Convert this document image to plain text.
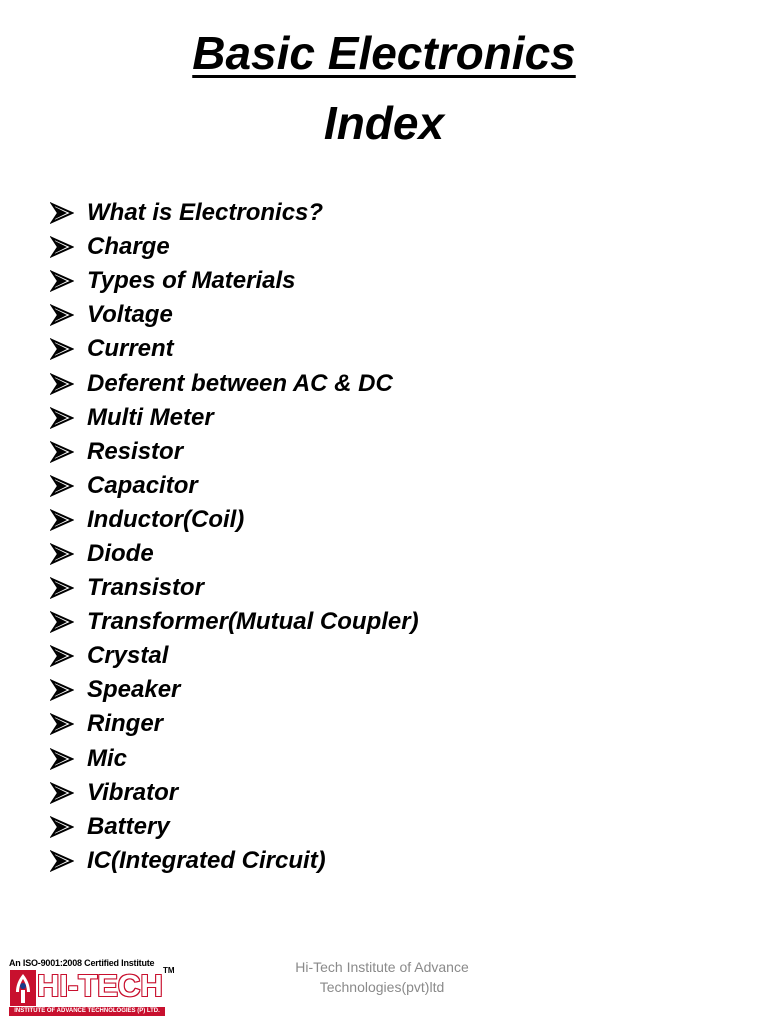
Basic Electronics
Index
What is Electronics?
Charge
Types of Materials
Voltage
Current
Deferent between AC & DC
Multi Meter
Resistor
Capacitor
Inductor(Coil)
Diode
Transistor
Transformer(Mutual Coupler)
Crystal
Speaker
Ringer
Mic
Vibrator
Battery
IC(Integrated Circuit)
An ISO-9001:2008 Certified Institute
HI-TECH TM
INSTITUTE OF ADVANCE TECHNOLOGIES (P) LTD.
Hi-Tech Institute of Advance
Technologies(pvt)ltd
